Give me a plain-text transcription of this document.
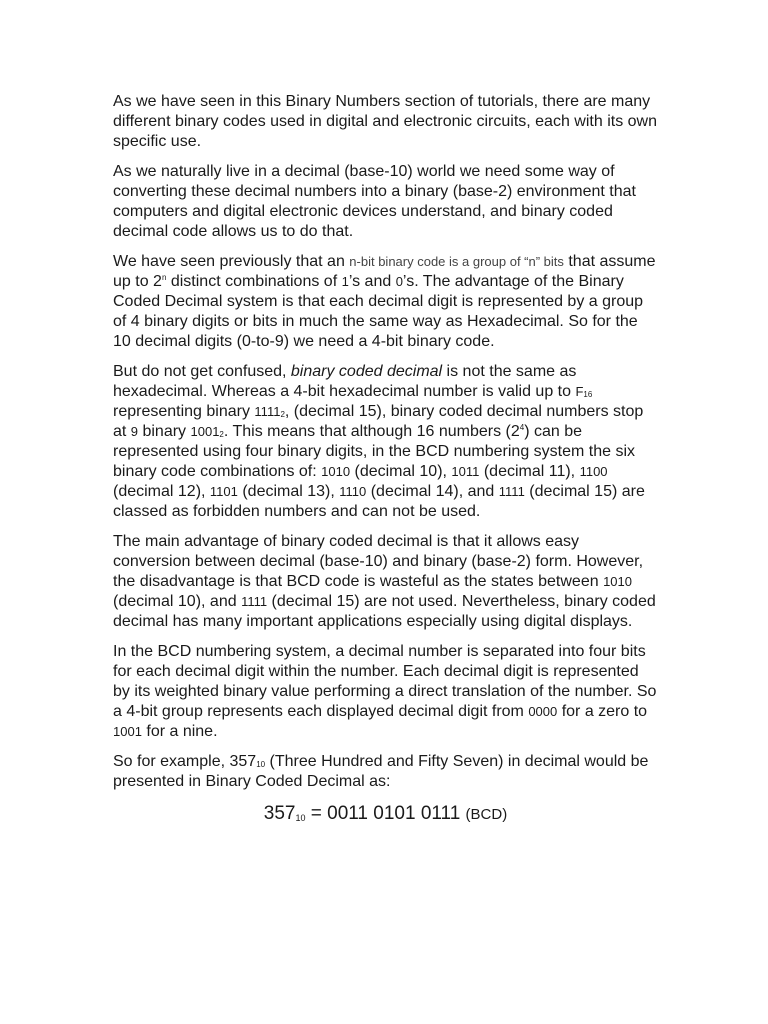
As we have seen in this Binary Numbers section of tutorials, there are many different binary codes used in digital and electronic circuits, each with its own specific use.

As we naturally live in a decimal (base-10) world we need some way of converting these decimal numbers into a binary (base-2) environment that computers and digital electronic devices understand, and binary coded decimal code allows us to do that.

We have seen previously that an n-bit binary code is a group of “n” bits that assume up to 2$^n$ distinct combinations of 1’s and 0’s. The advantage of the Binary Coded Decimal system is that each decimal digit is represented by a group of 4 binary digits or bits in much the same way as Hexadecimal. So for the 10 decimal digits (0-to-9) we need a 4-bit binary code.

But do not get confused, binary coded decimal is not the same as hexadecimal. Whereas a 4-bit hexadecimal number is valid up to F16 representing binary 11112, (decimal 15), binary coded decimal numbers stop at 9 binary 10012. This means that although 16 numbers $(2^4)$ can be represented using four binary digits, in the BCD numbering system the six binary code combinations of: 1010 (decimal 10), 1011 (decimal 11), 1100 (decimal 12), 1101 (decimal 13), 1110 (decimal 14), and 1111 (decimal 15) are classed as forbidden numbers and can not be used.

The main advantage of binary coded decimal is that it allows easy conversion between decimal (base-10) and binary (base-2) form. However, the disadvantage is that BCD code is wasteful as the states between 1010 (decimal 10), and 1111 (decimal 15) are not used. Nevertheless, binary coded decimal has many important applications especially using digital displays.

In the BCD numbering system, a decimal number is separated into four bits for each decimal digit within the number. Each decimal digit is represented by its weighted binary value performing a direct translation of the number. So a 4-bit group represents each displayed decimal digit from 0000 for a zero to 1001 for a nine.

So for example, 35710 (Three Hundred and Fifty Seven) in decimal would be presented in Binary Coded Decimal as:

35710 = 0011 0101 0111 (BCD)
